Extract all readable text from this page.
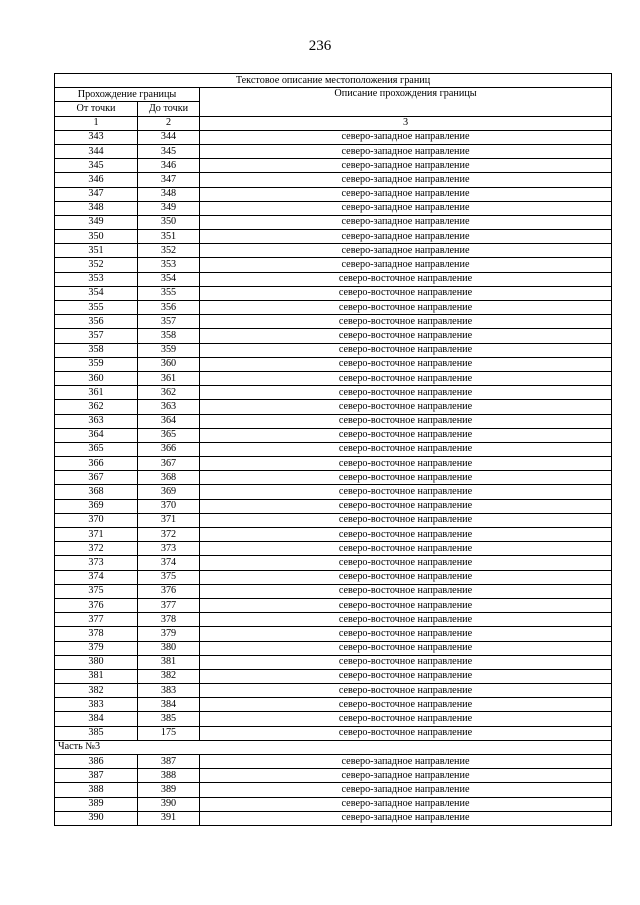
236
Текстовое описание местоположения границ		
Прохождение границы		Описание прохождения границы
От точки	До точки	
1	2	3
343	344	северо-западное направление
344	345	северо-западное направление
345	346	северо-западное направление
346	347	северо-западное направление
347	348	северо-западное направление
348	349	северо-западное направление
349	350	северо-западное направление
350	351	северо-западное направление
351	352	северо-западное направление
352	353	северо-западное направление
353	354	северо-восточное направление
354	355	северо-восточное направление
355	356	северо-восточное направление
356	357	северо-восточное направление
357	358	северо-восточное направление
358	359	северо-восточное направление
359	360	северо-восточное направление
360	361	северо-восточное направление
361	362	северо-восточное направление
362	363	северо-восточное направление
363	364	северо-восточное направление
364	365	северо-восточное направление
365	366	северо-восточное направление
366	367	северо-восточное направление
367	368	северо-восточное направление
368	369	северо-восточное направление
369	370	северо-восточное направление
370	371	северо-восточное направление
371	372	северо-восточное направление
372	373	северо-восточное направление
373	374	северо-восточное направление
374	375	северо-восточное направление
375	376	северо-восточное направление
376	377	северо-восточное направление
377	378	северо-восточное направление
378	379	северо-восточное направление
379	380	северо-восточное направление
380	381	северо-восточное направление
381	382	северо-восточное направление
382	383	северо-восточное направление
383	384	северо-восточное направление
384	385	северо-восточное направление
385	175	северо-восточное направление
Часть №3		
386	387	северо-западное направление
387	388	северо-западное направление
388	389	северо-западное направление
389	390	северо-западное направление
390	391	северо-западное направление
